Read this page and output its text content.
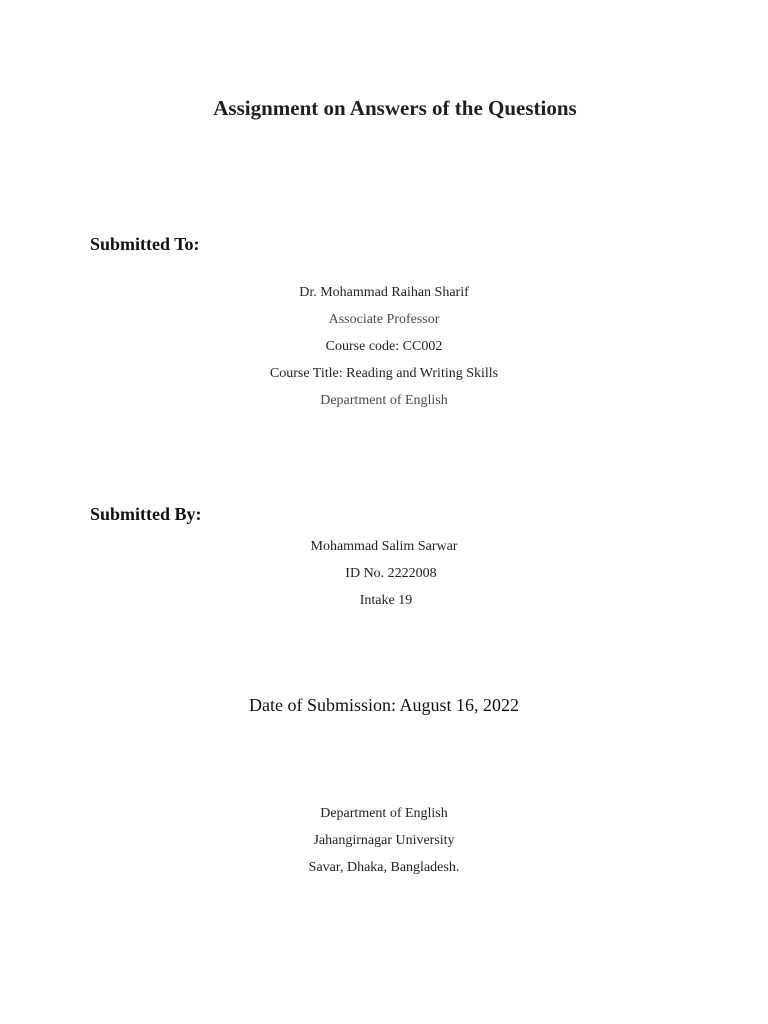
Assignment on Answers of the Questions
Submitted To:
Dr. Mohammad Raihan Sharif
Associate Professor
Course code: CC002
Course Title: Reading and Writing Skills
Department of English
Submitted By:
Mohammad Salim Sarwar
ID No. 2222008
Intake 19
Date of Submission: August 16, 2022
Department of English
Jahangirnagar University
Savar, Dhaka, Bangladesh.
